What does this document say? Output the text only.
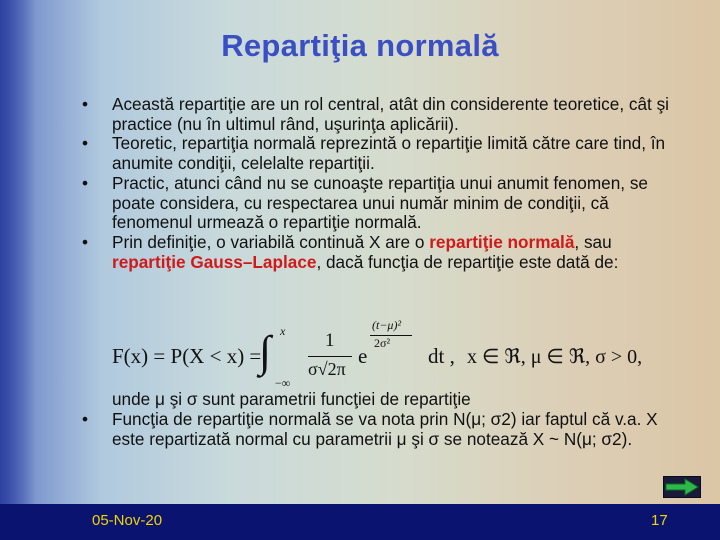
Repartiţia normală
• Această repartiţie are un rol central, atât din considerente teoretice, cât şi practice (nu în ultimul rând, uşurinţa aplicării).
• Teoretic, repartiţia normală reprezintă o repartiţie limită către care tind, în anumite condiţii, celelalte repartiţii.
• Practic, atunci când nu se cunoaşte repartiţia unui anumit fenomen, se poate considera, cu respectarea unui număr minim de condiţii, că fenomenul urmează o repartiţie normală.
• Prin definiţie, o variabilă continuă X are o repartiţie normală, sau repartiţie Gauss–Laplace, dacă funcţia de repartiţie este dată de:
unde μ şi σ sunt parametrii funcţiei de repartiţie
• Funcţia de repartiţie normală se va nota prin N(μ; σ2) iar faptul că v.a. X este repartizată normal cu parametrii μ şi σ se notează X ~ N(μ; σ2).
F(x) = P(X < x) =
∫ x
−∞
1
σ√2π
e
(t−μ)²
2σ²
dt , x ∈ ℜ, μ ∈ ℜ, σ > 0,
05-Nov-20	17
